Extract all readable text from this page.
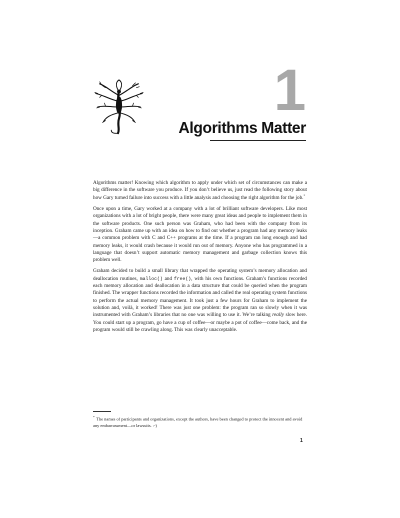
1
Algorithms Matter

Algorithms matter! Knowing which algorithm to apply under which set of circumstances can make a big difference in the software you produce. If you don’t believe us, just read the following story about how Gary turned failure into success with a little analysis and choosing the right algorithm for the job.*

Once upon a time, Gary worked at a company with a lot of brilliant software developers. Like most organizations with a lot of bright people, there were many great ideas and people to implement them in the software products. One such person was Graham, who had been with the company from its inception. Graham came up with an idea on how to find out whether a program had any memory leaks—a common problem with C and C++ programs at the time. If a program ran long enough and had memory leaks, it would crash because it would run out of memory. Anyone who has programmed in a language that doesn’t support automatic memory management and garbage collection knows this problem well.

Graham decided to build a small library that wrapped the operating system’s memory allocation and deallocation routines, malloc() and free(), with his own functions. Graham’s functions recorded each memory allocation and deallocation in a data structure that could be queried when the program finished. The wrapper functions recorded the information and called the real operating system functions to perform the actual memory management. It took just a few hours for Graham to implement the solution and, voilà, it worked! There was just one problem: the program ran so slowly when it was instrumented with Graham’s libraries that no one was willing to use it. We’re talking really slow here. You could start up a program, go have a cup of coffee—or maybe a pot of coffee—come back, and the program would still be crawling along. This was clearly unacceptable.

* The names of participants and organizations, except the authors, have been changed to protect the innocent and avoid any embarrassment—or lawsuits. :-)
1
